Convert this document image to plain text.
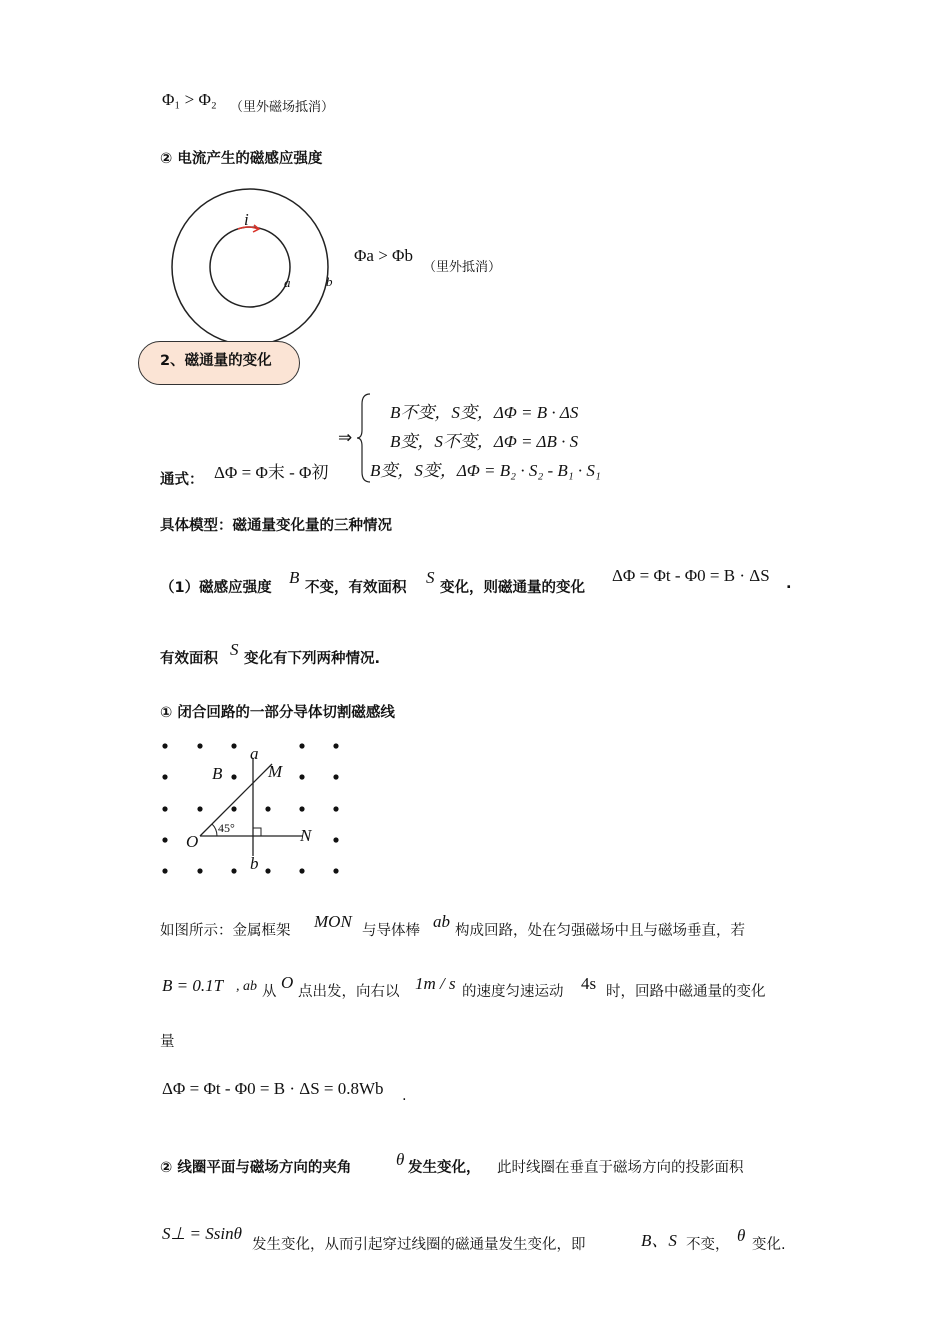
Φ₁ > Φ₂ （里外磁场抵消）
② 电流产生的磁感应强度
i
a	b
Φa > Φb
（里外抵消）
2、磁通量的变化
⇒
B不变，S变，ΔΦ = B · ΔS
B变，S不变，ΔΦ = ΔB · S
B变，S变，ΔΦ = B₂ · S₂ - B₁ · S₁
通式： ΔΦ = Φ末 - Φ初
具体模型：磁通量变化量的三种情况
（1）磁感应强度
B
不变，有效面积
S
变化，则磁通量的变化
ΔΦ = Φt - Φ0 = B · ΔS .
有效面积 S 变化有下列两种情况.
① 闭合回路的一部分导体切割磁感线
a
B	M
45°
O	N
b
如图所示：金属框架 MON 与导体棒 ab 构成回路，处在匀强磁场中且与磁场垂直，若
B = 0.1T , ab 从 O 点出发，向右以 1m / s 的速度匀速运动 4s 时，回路中磁通量的变化
量
ΔΦ = Φt - Φ0 = B · ΔS = 0.8Wb .
② 线圈平面与磁场方向的夹角	θ 发生变化， 此时线圈在垂直于磁场方向的投影面积
S⊥ = Ssinθ
发生变化，从而引起穿过线圈的磁通量发生变化，即	B、S 不变， θ 变化.
